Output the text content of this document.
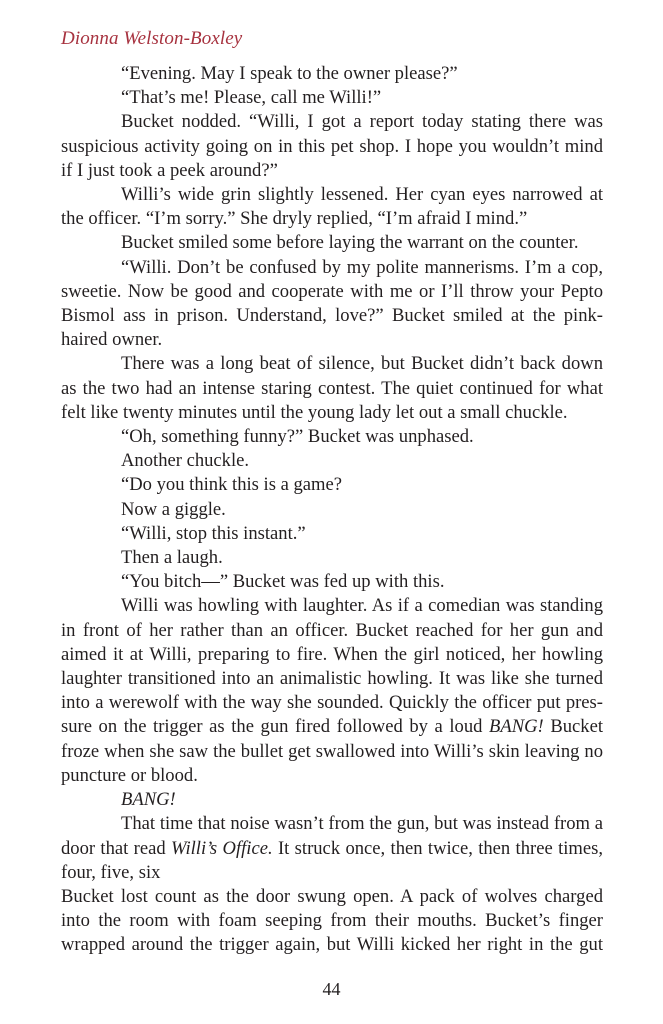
Dionna Welston-Boxley

“Evening. May I speak to the owner please?”

“That’s me! Please, call me Willi!”

Bucket nodded. “Willi, I got a report today stating there was suspicious activity going on in this pet shop. I hope you wouldn’t mind if I just took a peek around?”

Willi’s wide grin slightly lessened. Her cyan eyes narrowed at the officer. “I’m sorry.” She dryly replied, “I’m afraid I mind.”

Bucket smiled some before laying the warrant on the counter.

“Willi. Don’t be confused by my polite mannerisms. I’m a cop, sweetie. Now be good and cooperate with me or I’ll throw your Pepto Bismol ass in prison. Understand, love?” Bucket smiled at the pink-haired owner.

There was a long beat of silence, but Bucket didn’t back down as the two had an intense staring contest. The quiet continued for what felt like twenty minutes until the young lady let out a small chuckle.

“Oh, something funny?” Bucket was unphased.

Another chuckle.

“Do you think this is a game?

Now a giggle.

“Willi, stop this instant.”

Then a laugh.

“You bitch—” Bucket was fed up with this.

Willi was howling with laughter. As if a comedian was standing in front of her rather than an officer. Bucket reached for her gun and aimed it at Willi, preparing to fire. When the girl noticed, her howling laughter transitioned into an animalistic howling. It was like she turned into a werewolf with the way she sounded. Quickly the officer put pres-sure on the trigger as the gun fired followed by a loud BANG! Bucket froze when she saw the bullet get swallowed into Willi’s skin leaving no puncture or blood.

BANG!

That time that noise wasn’t from the gun, but was instead from a door that read Willi’s Office. It struck once, then twice, then three times, four, five, six

Bucket lost count as the door swung open. A pack of wolves charged into the room with foam seeping from their mouths. Bucket’s finger wrapped around the trigger again, but Willi kicked her right in the gut

44
